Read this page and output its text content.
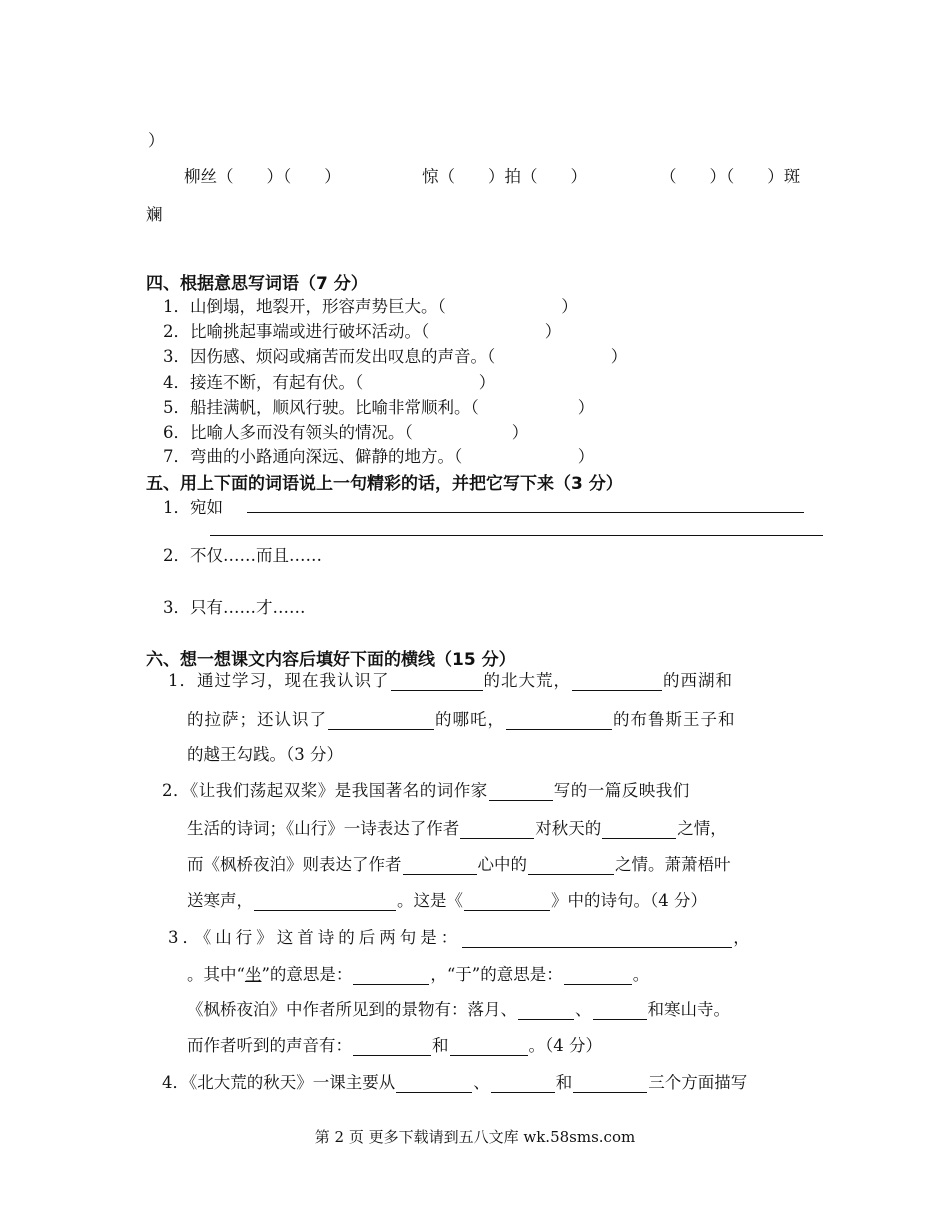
）
柳丝（　　）（　　）	惊（　　）拍（　　）	（　　）（　　）斑
斓
四、根据意思写词语（7 分）
1．山倒塌，地裂开，形容声势巨大。（　　　　　　　）
2．比喻挑起事端或进行破坏活动。（　　　　　　　）
3．因伤感、烦闷或痛苦而发出叹息的声音。（　　　　　　　）
4．接连不断，有起有伏。（　　　　　　　）
5．船挂满帆，顺风行驶。比喻非常顺利。（　　　　　　）
6．比喻人多而没有领头的情况。（　　　　　　）
7．弯曲的小路通向深远、僻静的地方。（　　　　　　　）
五、用上下面的词语说上一句精彩的话，并把它写下来（3 分）
1．宛如
2．不仅……而且……
3．只有……才……
六、想一想课文内容后填好下面的横线（15 分）
1．通过学习，现在我认识了	的北大荒，	的西湖和
的拉萨；还认识了	的哪吒，	的布鲁斯王子和
的越王勾践。（3 分）
2．《让我们荡起双桨》是我国著名的词作家	写的一篇反映我们
生活的诗词；《山行》一诗表达了作者	对秋天的	之情，
而《枫桥夜泊》则表达了作者	心中的	之情。萧萧梧叶
送寒声，	。这是《	》中的诗句。（4 分）
3．《山行》这首诗的后两句是：	，
。其中“坐”的意思是：	，“于”的意思是：	。
《枫桥夜泊》中作者所见到的景物有：落月、	、	和寒山寺。
而作者听到的声音有：	和	。（4 分）
4．《北大荒的秋天》一课主要从	、	和	三个方面描写
第 2 页 更多下载请到五八文库 wk.58sms.com
